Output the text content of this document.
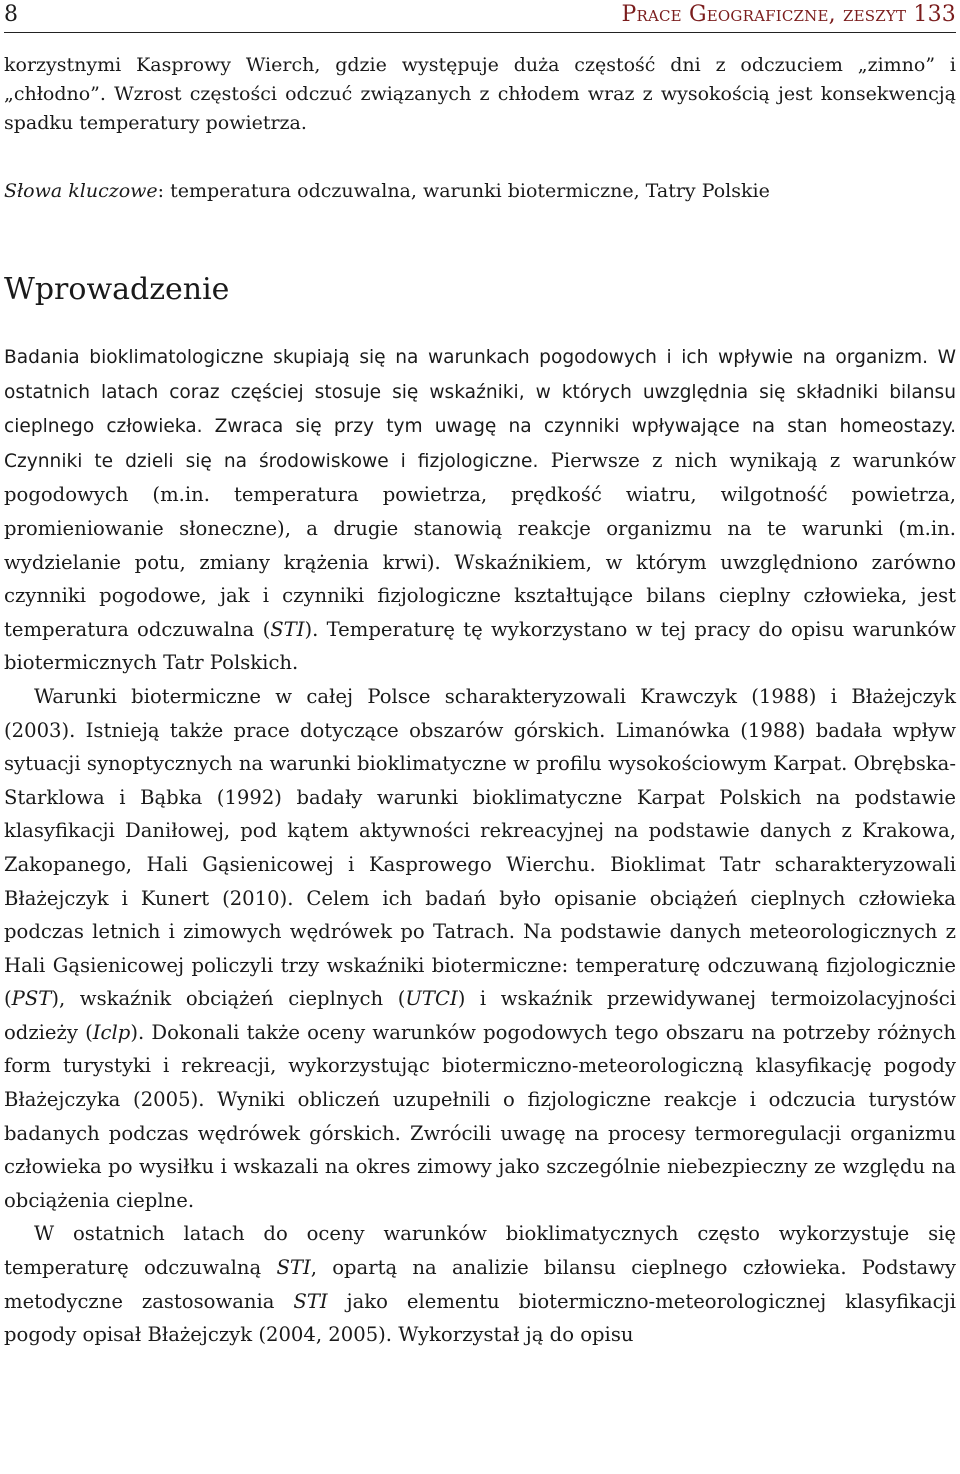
8	Prace Geograficzne, zeszyt 133

korzystnymi Kasprowy Wierch, gdzie występuje duża częstość dni z odczuciem „zimno” i „chłodno”. Wzrost częstości odczuć związanych z chłodem wraz z wysokością jest konsekwencją spadku temperatury powietrza.

Słowa kluczowe: temperatura odczuwalna, warunki biotermiczne, Tatry Polskie

Wprowadzenie

Badania bioklimatologiczne skupiają się na warunkach pogodowych i ich wpływie na organizm. W ostatnich latach coraz częściej stosuje się wskaźniki, w których uwzględnia się składniki bilansu cieplnego człowieka. Zwraca się przy tym uwagę na czynniki wpływające na stan homeostazy. Czynniki te dzieli się na środowiskowe i fizjologiczne. Pierwsze z nich wynikają z warunków pogodowych (m.in. temperatura powietrza, prędkość wiatru, wilgotność powietrza, promieniowanie słoneczne), a drugie stanowią reakcje organizmu na te warunki (m.in. wydzielanie potu, zmiany krążenia krwi). Wskaźnikiem, w którym uwzględniono zarówno czynniki pogodowe, jak i czynniki fizjologiczne kształtujące bilans cieplny człowieka, jest temperatura odczuwalna (STI). Temperaturę tę wykorzystano w tej pracy do opisu warunków biotermicznych Tatr Polskich.

Warunki biotermiczne w całej Polsce scharakteryzowali Krawczyk (1988) i Błażejczyk (2003). Istnieją także prace dotyczące obszarów górskich. Limanówka (1988) badała wpływ sytuacji synoptycznych na warunki bioklimatyczne w profilu wysokościowym Karpat. Obrębska-Starklowa i Bąbka (1992) badały warunki bioklimatyczne Karpat Polskich na podstawie klasyfikacji Daniłowej, pod kątem aktywności rekreacyjnej na podstawie danych z Krakowa, Zakopanego, Hali Gąsienicowej i Kasprowego Wierchu. Bioklimat Tatr scharakteryzowali Błażejczyk i Kunert (2010). Celem ich badań było opisanie obciążeń cieplnych człowieka podczas letnich i zimowych wędrówek po Tatrach. Na podstawie danych meteorologicznych z Hali Gąsienicowej policzyli trzy wskaźniki biotermiczne: temperaturę odczuwaną fizjologicznie (PST), wskaźnik obciążeń cieplnych (UTCI) i wskaźnik przewidywanej termoizolacyjności odzieży (Iclp). Dokonali także oceny warunków pogodowych tego obszaru na potrzeby różnych form turystyki i rekreacji, wykorzystując biotermiczno-meteorologiczną klasyfikację pogody Błażejczyka (2005). Wyniki obliczeń uzupełnili o fizjologiczne reakcje i odczucia turystów badanych podczas wędrówek górskich. Zwrócili uwagę na procesy termoregulacji organizmu człowieka po wysiłku i wskazali na okres zimowy jako szczególnie niebezpieczny ze względu na obciążenia cieplne.

W ostatnich latach do oceny warunków bioklimatycznych często wykorzystuje się temperaturę odczuwalną STI, opartą na analizie bilansu cieplnego człowieka. Podstawy metodyczne zastosowania STI jako elementu biotermiczno-meteorologicznej klasyfikacji pogody opisał Błażejczyk (2004, 2005). Wykorzystał ją do opisu
